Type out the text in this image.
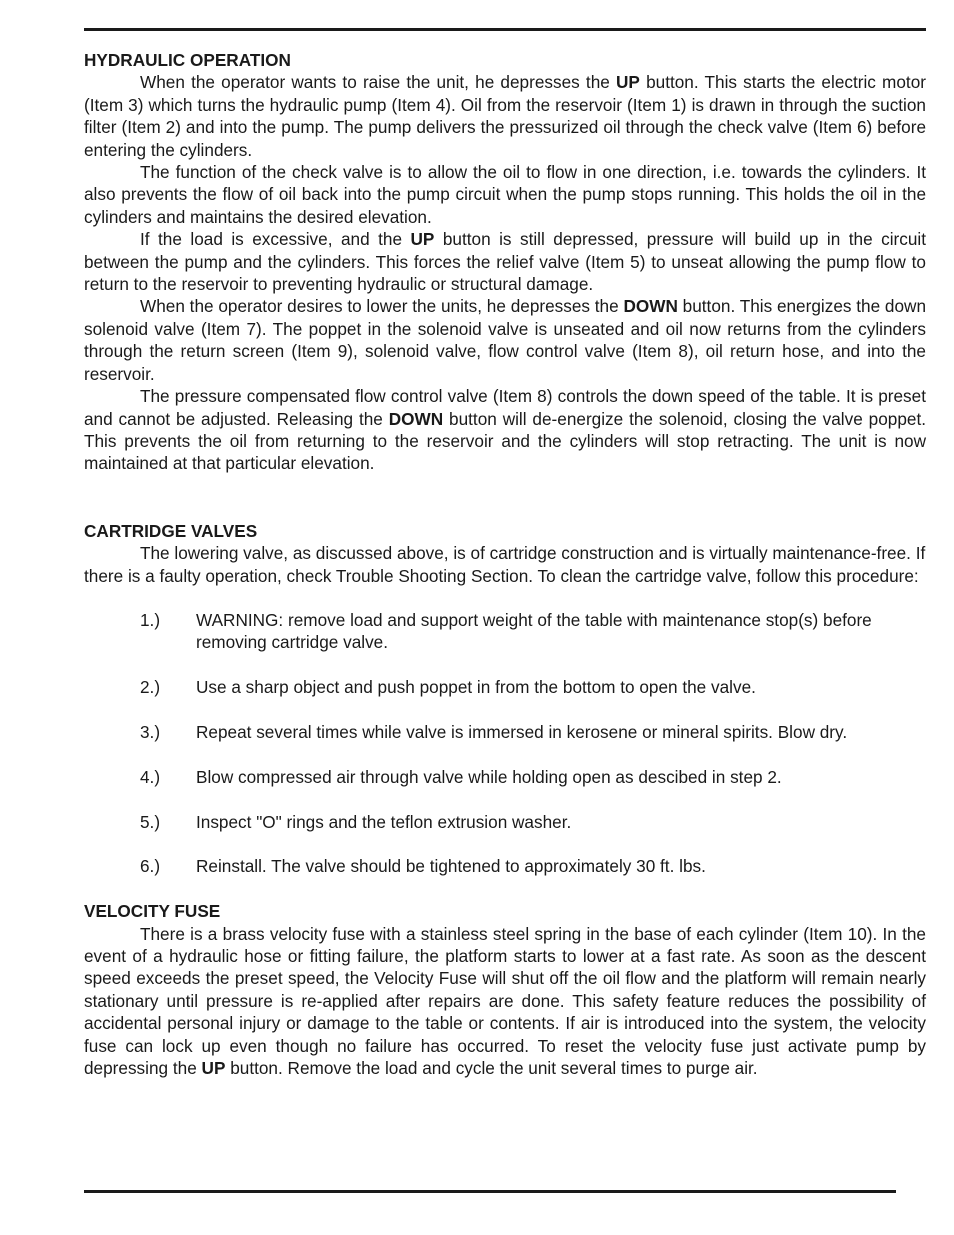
HYDRAULIC OPERATION

When the operator wants to raise the unit, he depresses the UP button. This starts the electric motor (Item 3) which turns the hydraulic pump (Item 4). Oil from the reservoir (Item 1) is drawn in through the suction filter (Item 2) and into the pump. The pump delivers the pressurized oil through the check valve (Item 6) before entering the cylinders.

The function of the check valve is to allow the oil to flow in one direction, i.e. towards the cylinders. It also prevents the flow of oil back into the pump circuit when the pump stops running. This holds the oil in the cylinders and maintains the desired elevation.

If the load is excessive, and the UP button is still depressed, pressure will build up in the circuit between the pump and the cylinders. This forces the relief valve (Item 5) to unseat allowing the pump flow to return to the reservoir to preventing hydraulic or structural damage.

When the operator desires to lower the units, he depresses the DOWN button. This energizes the down solenoid valve (Item 7). The poppet in the solenoid valve is unseated and oil now returns from the cylinders through the return screen (Item 9), solenoid valve, flow control valve (Item 8), oil return hose, and into the reservoir.

The pressure compensated flow control valve (Item 8) controls the down speed of the table. It is preset and cannot be adjusted. Releasing the DOWN button will de-energize the solenoid, closing the valve poppet. This prevents the oil from returning to the reservoir and the cylinders will stop retracting. The unit is now maintained at that particular elevation.

CARTRIDGE VALVES

The lowering valve, as discussed above, is of cartridge construction and is virtually maintenance-free. If there is a faulty operation, check Trouble Shooting Section. To clean the cartridge valve, follow this procedure:

1.)	WARNING: remove load and support weight of the table with maintenance stop(s) before removing cartridge valve.
2.)	Use a sharp object and push poppet in from the bottom to open the valve.
3.)	Repeat several times while valve is immersed in kerosene or mineral spirits. Blow dry.
4.)	Blow compressed air through valve while holding open as descibed in step 2.
5.)	Inspect "O" rings and the teflon extrusion washer.
6.)	Reinstall. The valve should be tightened to approximately 30 ft. lbs.
VELOCITY FUSE

There is a brass velocity fuse with a stainless steel spring in the base of each cylinder (Item 10). In the event of a hydraulic hose or fitting failure, the platform starts to lower at a fast rate. As soon as the descent speed exceeds the preset speed, the Velocity Fuse will shut off the oil flow and the platform will remain nearly stationary until pressure is re-applied after repairs are done. This safety feature reduces the possibility of accidental personal injury or damage to the table or contents. If air is introduced into the system, the velocity fuse can lock up even though no failure has occurred. To reset the velocity fuse just activate pump by depressing the UP button. Remove the load and cycle the unit several times to purge air.
